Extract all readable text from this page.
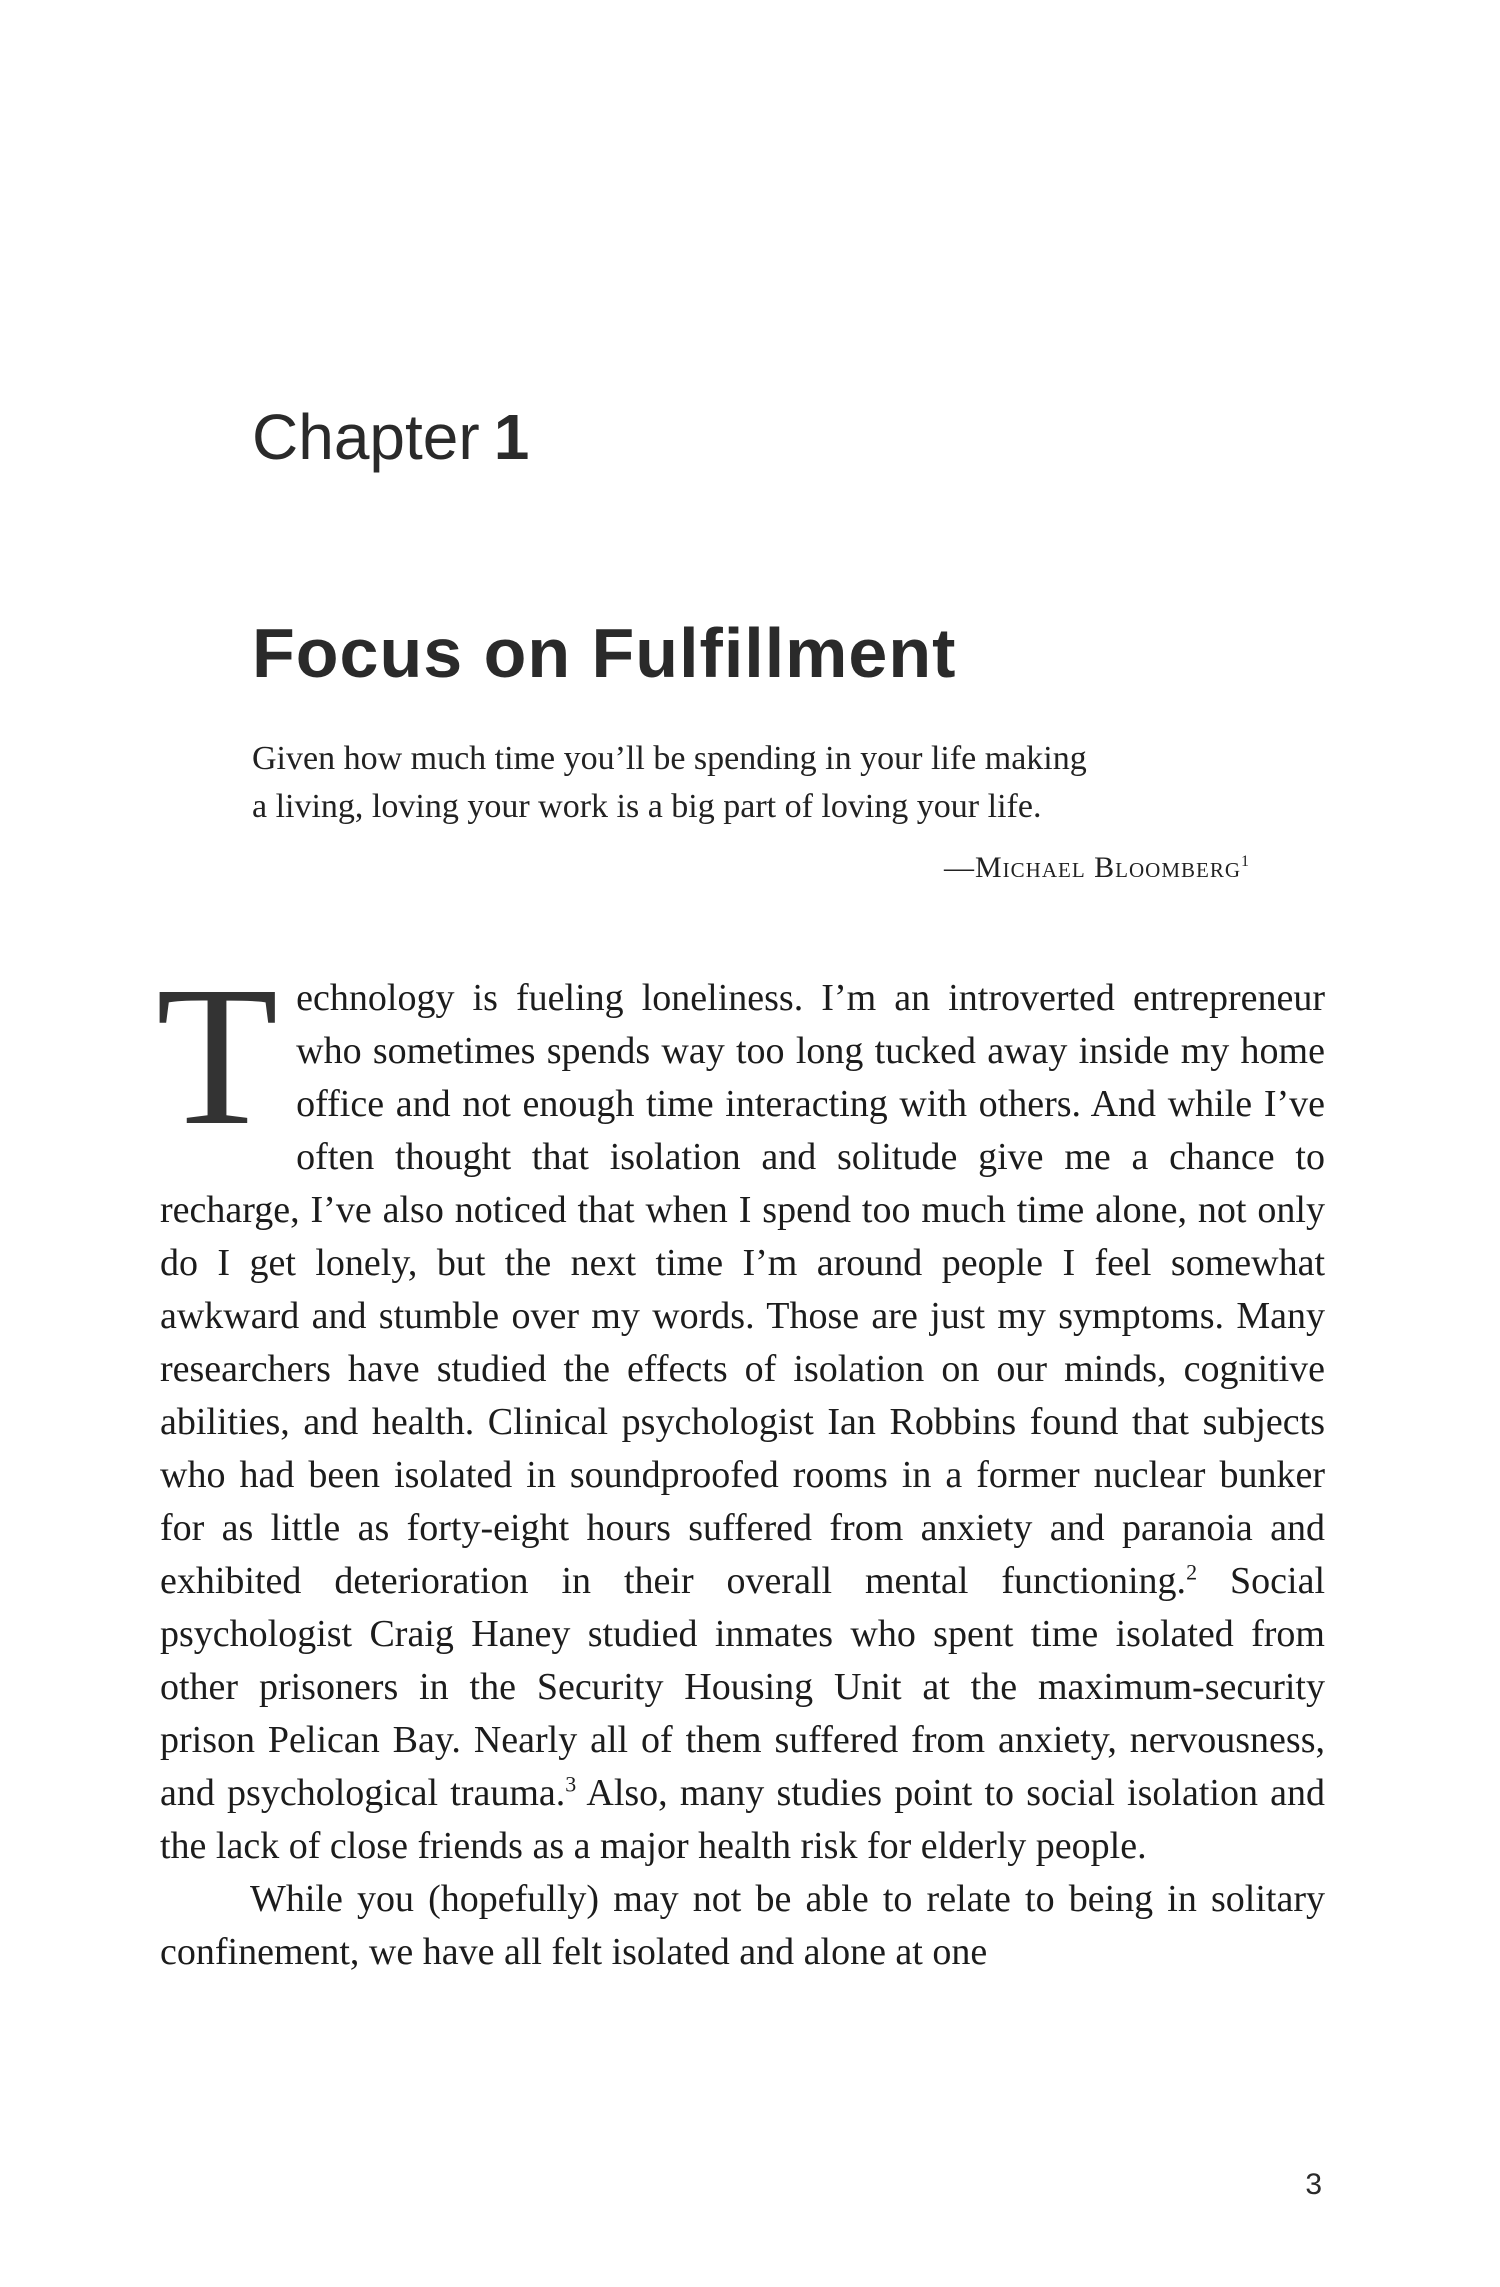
Chapter 1
Focus on Fulfillment
Given how much time you’ll be spending in your life making
a living, loving your work is a big part of loving your life.
—Michael Bloomberg$^1$

Technology is fueling loneliness. I’m an introverted entrepreneur who sometimes spends way too long tucked away inside my home office and not enough time interacting with others. And while I’ve often thought that isolation and solitude give me a chance to recharge, I’ve also noticed that when I spend too much time alone, not only do I get lonely, but the next time I’m around people I feel somewhat awkward and stumble over my words. Those are just my symptoms. Many researchers have studied the effects of isolation on our minds, cognitive abilities, and health. Clinical psychologist Ian Robbins found that subjects who had been isolated in soundproofed rooms in a former nuclear bunker for as little as forty-eight hours suffered from anxiety and paranoia and exhibited deterioration in their overall mental functioning.$^2$ Social psychologist Craig Haney studied inmates who spent time isolated from other prisoners in the Security Housing Unit at the maximum-security prison Pelican Bay. Nearly all of them suffered from anxiety, nervousness, and psychological trauma.$^3$ Also, many studies point to social isolation and the lack of close friends as a major health risk for elderly people.

While you (hopefully) may not be able to relate to being in solitary confinement, we have all felt isolated and alone at one

3
